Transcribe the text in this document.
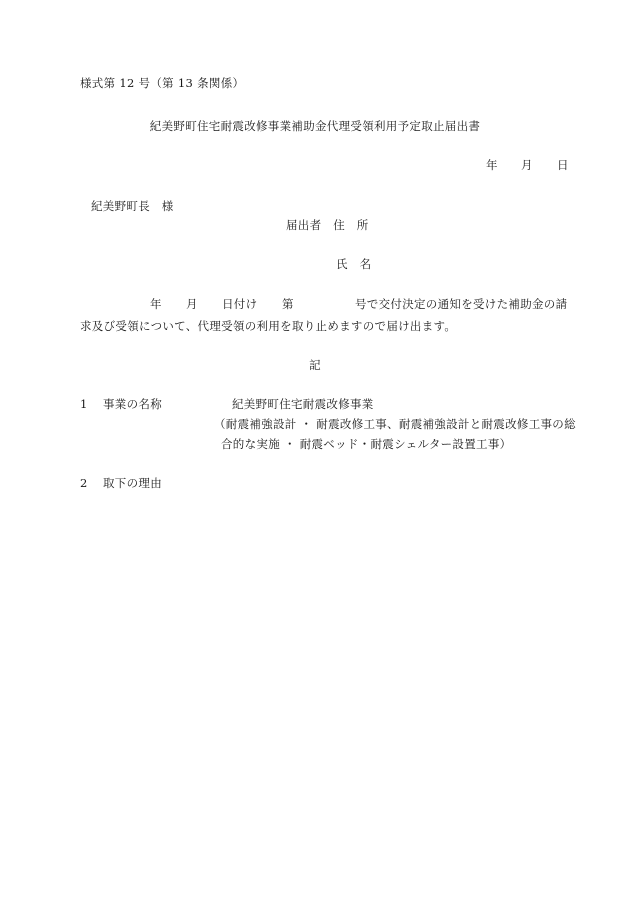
様式第 12 号（第 13 条関係）
紀美野町住宅耐震改修事業補助金代理受領利用予定取止届出書
年 月 日
紀美野町長　様
届出者　住　所
氏　名
年 月 日付け 第	号で交付決定の通知を受けた補助金の請
求及び受領について、代理受領の利用を取り止めますので届け出ます。
記
1 事業の名称	紀美野町住宅耐震改修事業
（耐震補強設計 ・ 耐震改修工事、耐震補強設計と耐震改修工事の総
合的な実施 ・ 耐震ベッド・耐震シェルター設置工事）
2 取下の理由
